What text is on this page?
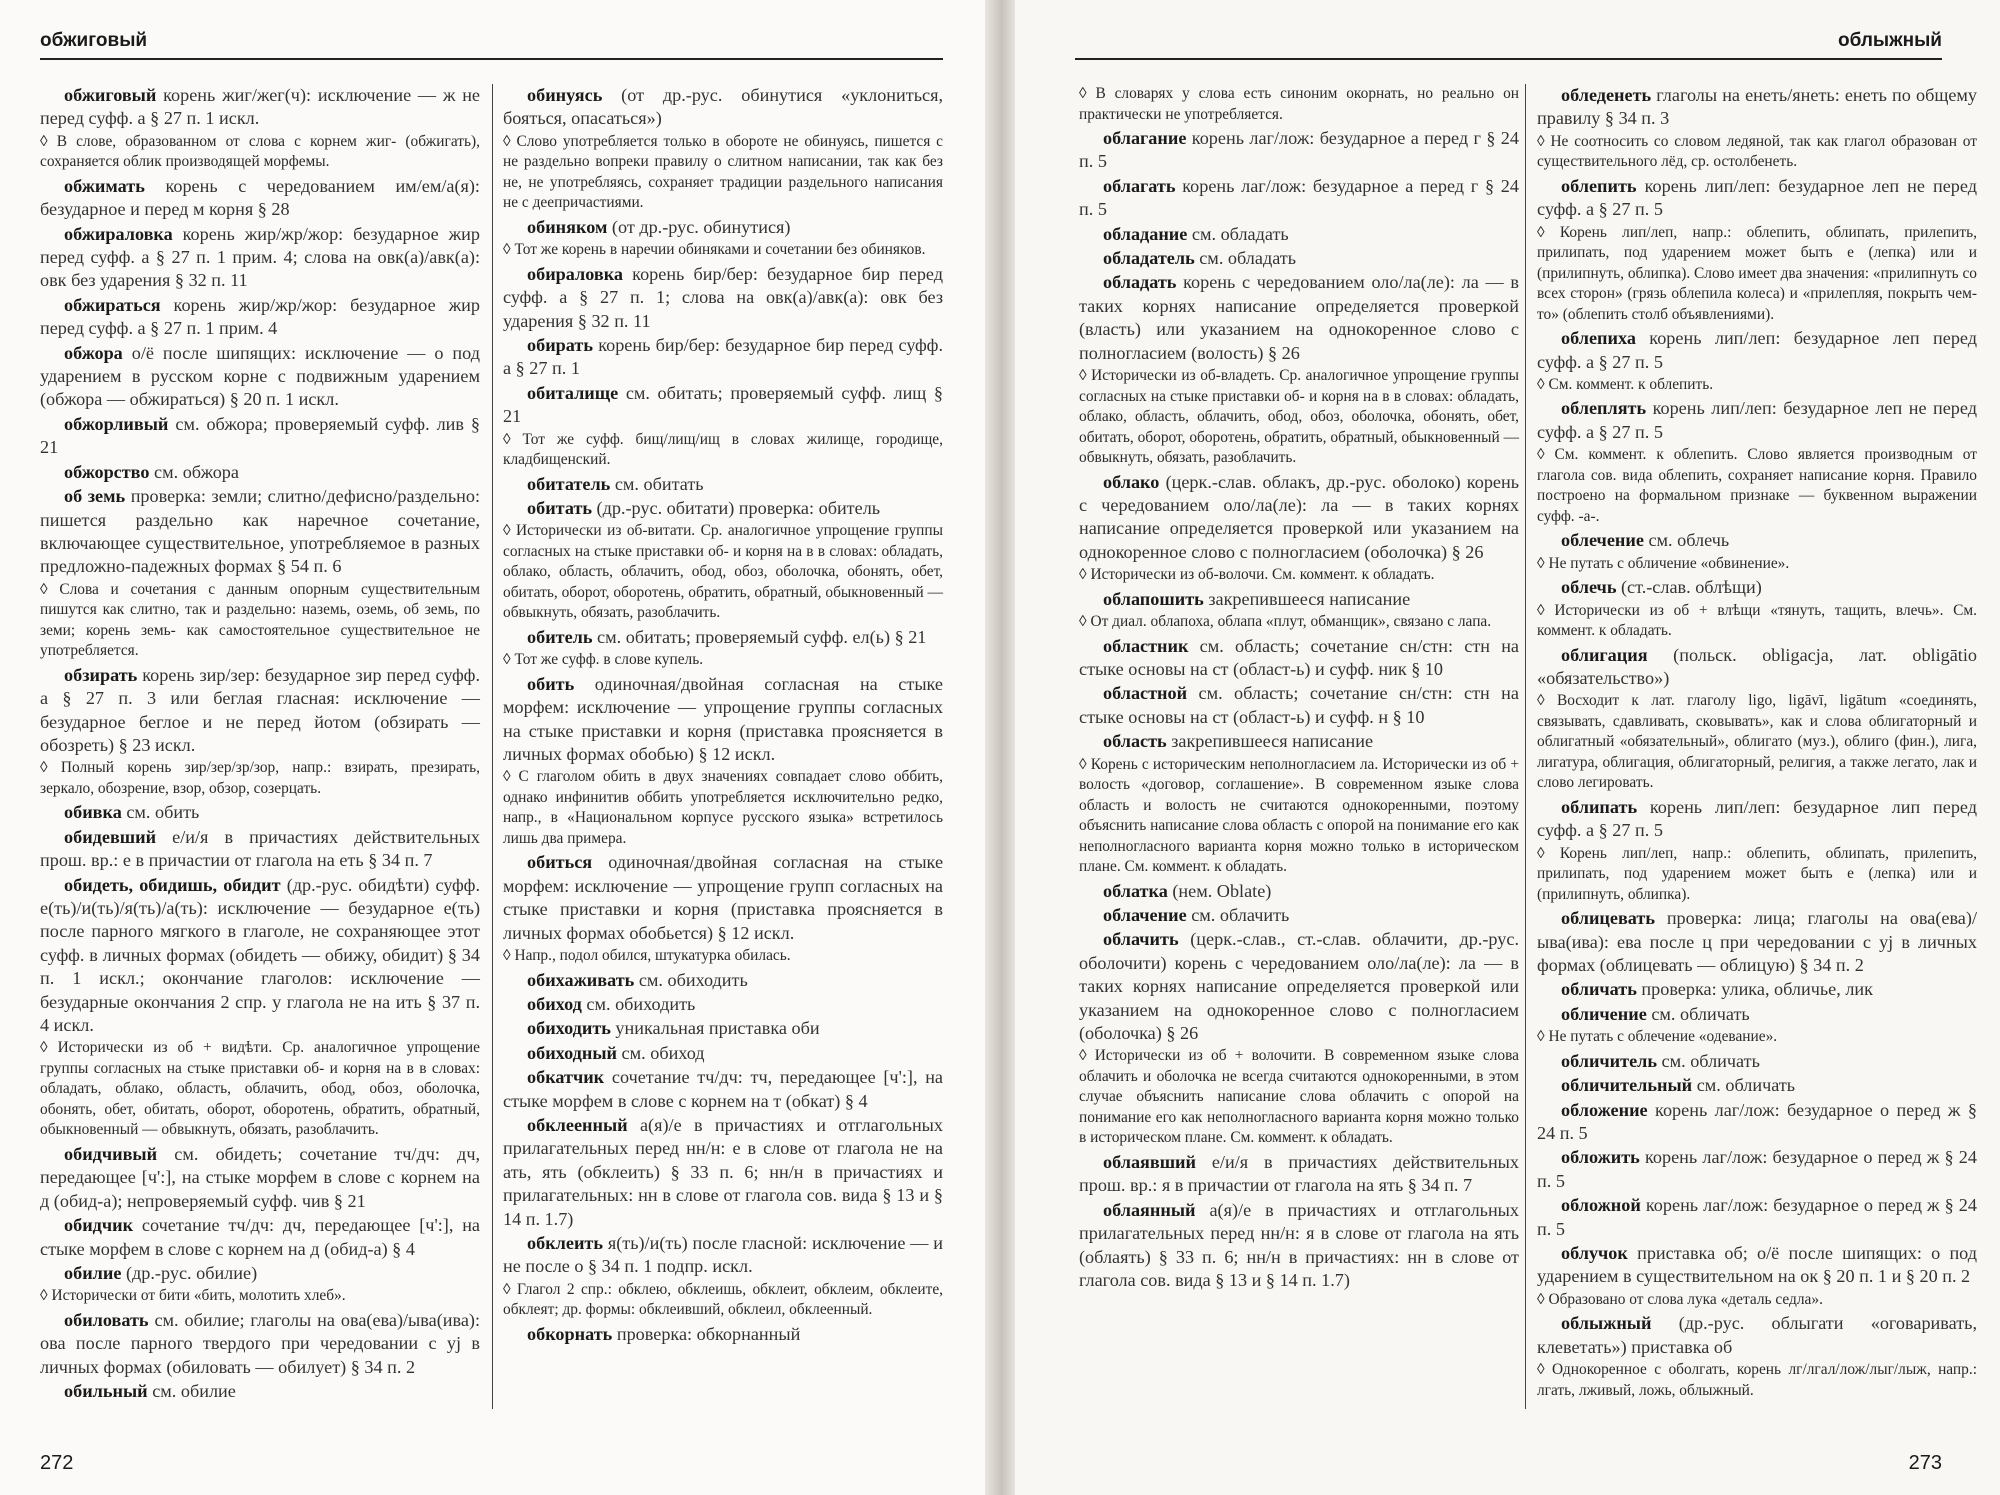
обжиговый

обжиговый корень жиг/жег(ч): исключение — ж не перед суфф. а § 27 п. 1 искл.

◊ В слове, образованном от слова с корнем жиг- (обжигать), сохраняется облик производящей морфемы.

обжимать корень с чередованием им/ем/а(я): безударное и перед м корня § 28

обжираловка корень жир/жр/жор: безударное жир перед суфф. а § 27 п. 1 прим. 4; слова на овк(а)/авк(а): овк без ударения § 32 п. 11

обжираться корень жир/жр/жор: безударное жир перед суфф. а § 27 п. 1 прим. 4

обжора о/ё после шипящих: исключение — о под ударением в русском корне с подвижным ударением (обжора — обжираться) § 20 п. 1 искл.

обжорливый см. обжора; проверяемый суфф. лив § 21

обжорство см. обжора

об земь проверка: земли; слитно/дефисно/раздельно: пишется раздельно как наречное сочетание, включающее существительное, употребляемое в разных предложно-падежных формах § 54 п. 6

◊ Слова и сочетания с данным опорным существительным пишутся как слитно, так и раздельно: наземь, оземь, об земь, по земи; корень земь- как самостоятельное существительное не употребляется.

обзирать корень зир/зер: безударное зир перед суфф. а § 27 п. 3 или беглая гласная: исключение — безударное беглое и не перед йотом (обзирать — обозреть) § 23 искл.

◊ Полный корень зир/зер/зр/зор, напр.: взирать, презирать, зеркало, обозрение, взор, обзор, созерцать.

обивка см. обить

обидевший е/и/я в причастиях действительных прош. вр.: е в причастии от глагола на еть § 34 п. 7

обидеть, обидишь, обидит (др.-рус. обидѣти) суфф. е(ть)/и(ть)/я(ть)/а(ть): исключение — безударное е(ть) после парного мягкого в глаголе, не сохраняющее этот суфф. в личных формах (обидеть — обижу, обидит) § 34 п. 1 искл.; окончание глаголов: исключение — безударные окончания 2 спр. у глагола не на ить § 37 п. 4 искл.

◊ Исторически из об + видѣти. Ср. аналогичное упрощение группы согласных на стыке приставки об- и корня на в в словах: обладать, облако, область, облачить, обод, обоз, оболочка, обонять, обет, обитать, оборот, оборотень, обратить, обратный, обыкновенный — обвыкнуть, обязать, разоблачить.

обидчивый см. обидеть; сочетание тч/дч: дч, передающее [ч':], на стыке морфем в слове с корнем на д (обид-а); непроверяемый суфф. чив § 21

обидчик сочетание тч/дч: дч, передающее [ч':], на стыке морфем в слове с корнем на д (обид-а) § 4

обилие (др.-рус. обилие)

◊ Исторически от бити «бить, молотить хлеб».

обиловать см. обилие; глаголы на ова(ева)/ыва(ива): ова после парного твердого при чередовании с уj в личных формах (обиловать — обилует) § 34 п. 2

обильный см. обилие

обинуясь (от др.-рус. обинутися «уклониться, бояться, опасаться»)

◊ Слово употребляется только в обороте не обинуясь, пишется с не раздельно вопреки правилу о слитном написании, так как без не, не употребляясь, сохраняет традиции раздельного написания не с деепричастиями.

обиняком (от др.-рус. обинутися)

◊ Тот же корень в наречии обиняками и сочетании без обиняков.

обираловка корень бир/бер: безударное бир перед суфф. а § 27 п. 1; слова на овк(а)/авк(а): овк без ударения § 32 п. 11

обирать корень бир/бер: безударное бир перед суфф. а § 27 п. 1

обиталище см. обитать; проверяемый суфф. лищ § 21

◊ Тот же суфф. бищ/лищ/ищ в словах жилище, городище, кладбищенский.

обитатель см. обитать

обитать (др.-рус. обитати) проверка: обитель

◊ Исторически из об-витати. Ср. аналогичное упрощение группы согласных на стыке приставки об- и корня на в в словах: обладать, облако, область, облачить, обод, обоз, оболочка, обонять, обет, обитать, оборот, оборотень, обратить, обратный, обыкновенный — обвыкнуть, обязать, разоблачить.

обитель см. обитать; проверяемый суфф. ел(ь) § 21

◊ Тот же суфф. в слове купель.

обить одиночная/двойная согласная на стыке морфем: исключение — упрощение группы согласных на стыке приставки и корня (приставка проясняется в личных формах обобью) § 12 искл.

◊ С глаголом обить в двух значениях совпадает слово оббить, однако инфинитив оббить употребляется исключительно редко, напр., в «Национальном корпусе русского языка» встретилось лишь два примера.

обиться одиночная/двойная согласная на стыке морфем: исключение — упрощение групп согласных на стыке приставки и корня (приставка проясняется в личных формах обобьется) § 12 искл.

◊ Напр., подол обился, штукатурка обилась.

обихаживать см. обиходить

обиход см. обиходить

обиходить уникальная приставка оби

обиходный см. обиход

обкатчик сочетание тч/дч: тч, передающее [ч':], на стыке морфем в слове с корнем на т (обкат) § 4

обклеенный а(я)/е в причастиях и отглагольных прилагательных перед нн/н: е в слове от глагола не на ать, ять (обклеить) § 33 п. 6; нн/н в причастиях и прилагательных: нн в слове от глагола сов. вида § 13 и § 14 п. 1.7)

обклеить я(ть)/и(ть) после гласной: исключение — и не после о § 34 п. 1 подпр. искл.

◊ Глагол 2 спр.: обклею, обклеишь, обклеит, обклеим, обклеите, обклеят; др. формы: обклеивший, обклеил, обклеенный.

обкорнать проверка: обкорнанный

272
облыжный

◊ В словарях у слова есть синоним окорнать, но реально он практически не употребляется.

облагание корень лаг/лож: безударное а перед г § 24 п. 5

облагать корень лаг/лож: безударное а перед г § 24 п. 5

обладание см. обладать

обладатель см. обладать

обладать корень с чередованием оло/ла(ле): ла — в таких корнях написание определяется проверкой (власть) или указанием на однокоренное слово с полногласием (волость) § 26

◊ Исторически из об-владеть. Ср. аналогичное упрощение группы согласных на стыке приставки об- и корня на в в словах: обладать, облако, область, облачить, обод, обоз, оболочка, обонять, обет, обитать, оборот, оборотень, обратить, обратный, обыкновенный — обвыкнуть, обязать, разоблачить.

облако (церк.-слав. облакъ, др.-рус. оболоко) корень с чередованием оло/ла(ле): ла — в таких корнях написание определяется проверкой или указанием на однокоренное слово с полногласием (оболочка) § 26

◊ Исторически из об-волочи. См. коммент. к обладать.

облапошить закрепившееся написание

◊ От диал. облапоха, облапа «плут, обманщик», связано с лапа.

областник см. область; сочетание сн/стн: стн на стыке основы на ст (област-ь) и суфф. ник § 10

областной см. область; сочетание сн/стн: стн на стыке основы на ст (област-ь) и суфф. н § 10

область закрепившееся написание

◊ Корень с историческим неполногласием ла. Исторически из об + волость «договор, соглашение». В современном языке слова область и волость не считаются однокоренными, поэтому объяснить написание слова область с опорой на понимание его как неполногласного варианта корня можно только в историческом плане. См. коммент. к обладать.

облатка (нем. Oblate)

облачение см. облачить

облачить (церк.-слав., ст.-слав. облачити, др.-рус. оболочити) корень с чередованием оло/ла(ле): ла — в таких корнях написание определяется проверкой или указанием на однокоренное слово с полногласием (оболочка) § 26

◊ Исторически из об + волочити. В современном языке слова облачить и оболочка не всегда считаются однокоренными, в этом случае объяснить написание слова облачить с опорой на понимание его как неполногласного варианта корня можно только в историческом плане. См. коммент. к обладать.

облаявший е/и/я в причастиях действительных прош. вр.: я в причастии от глагола на ять § 34 п. 7

облаянный а(я)/е в причастиях и отглагольных прилагательных перед нн/н: я в слове от глагола на ять (облаять) § 33 п. 6; нн/н в причастиях: нн в слове от глагола сов. вида § 13 и § 14 п. 1.7)

обледенеть глаголы на енеть/янеть: енеть по общему правилу § 34 п. 3

◊ Не соотносить со словом ледяной, так как глагол образован от существительного лёд, ср. остолбенеть.

облепить корень лип/леп: безударное леп не перед суфф. а § 27 п. 5

◊ Корень лип/леп, напр.: облепить, облипать, прилепить, прилипать, под ударением может быть е (лепка) или и (прилипнуть, облипка). Слово имеет два значения: «прилипнуть со всех сторон» (грязь облепила колеса) и «прилепляя, покрыть чем-то» (облепить столб объявлениями).

облепиха корень лип/леп: безударное леп перед суфф. а § 27 п. 5

◊ См. коммент. к облепить.

облеплять корень лип/леп: безударное леп не перед суфф. а § 27 п. 5

◊ См. коммент. к облепить. Слово является производным от глагола сов. вида облепить, сохраняет написание корня. Правило построено на формальном признаке — буквенном выражении суфф. -а-.

облечение см. облечь

◊ Не путать с обличение «обвинение».

облечь (ст.-слав. облѣщи)

◊ Исторически из об + влѣщи «тянуть, тащить, влечь». См. коммент. к обладать.

облигация (польск. obligacja, лат. obligātio «обязательство»)

◊ Восходит к лат. глаголу ligo, ligāvī, ligātum «соединять, связывать, сдавливать, сковывать», как и слова облигаторный и облигатный «обязательный», облигато (муз.), облиго (фин.), лига, лигатура, облигация, облигаторный, религия, а также легато, лак и слово легировать.

облипать корень лип/леп: безударное лип перед суфф. а § 27 п. 5

◊ Корень лип/леп, напр.: облепить, облипать, прилепить, прилипать, под ударением может быть е (лепка) или и (прилипнуть, облипка).

облицевать проверка: лица; глаголы на ова(ева)/ыва(ива): ева после ц при чередовании с уj в личных формах (облицевать — облицую) § 34 п. 2

обличать проверка: улика, обличье, лик

обличение см. обличать

◊ Не путать с облечение «одевание».

обличитель см. обличать

обличительный см. обличать

обложение корень лаг/лож: безударное о перед ж § 24 п. 5

обложить корень лаг/лож: безударное о перед ж § 24 п. 5

обложной корень лаг/лож: безударное о перед ж § 24 п. 5

облучок приставка об; о/ё после шипящих: о под ударением в существительном на ок § 20 п. 1 и § 20 п. 2

◊ Образовано от слова лука «деталь седла».

облыжный (др.-рус. облыгати «оговаривать, клеветать») приставка об

◊ Однокоренное с оболгать, корень лг/лгал/лож/лыг/лыж, напр.: лгать, лживый, ложь, облыжный.

273
